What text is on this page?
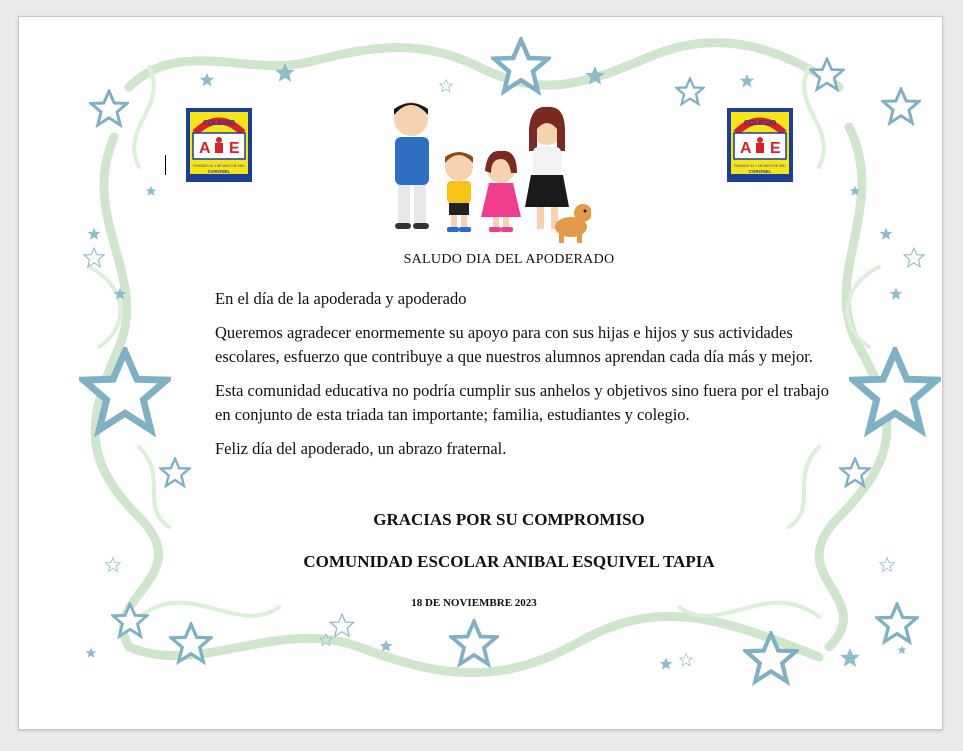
COLEGIO
A E
FUNDADO EL 1 DE MAYO DE 1981
CORONEL
COLEGIO
A E
FUNDADO EL 1 DE MAYO DE 1981
CORONEL
SALUDO DIA DEL APODERADO

En el día de la apoderada y apoderado

Queremos agradecer enormemente su apoyo para con sus hijas e hijos y sus actividades escolares, esfuerzo que contribuye a que nuestros alumnos aprendan cada día más y mejor.

Esta comunidad educativa no podría cumplir sus anhelos y objetivos sino fuera por el trabajo en conjunto de esta triada tan importante; familia, estudiantes y colegio.

Feliz día del apoderado, un abrazo fraternal.

GRACIAS POR SU COMPROMISO
COMUNIDAD ESCOLAR ANIBAL ESQUIVEL TAPIA
18 DE NOVIEMBRE 2023
